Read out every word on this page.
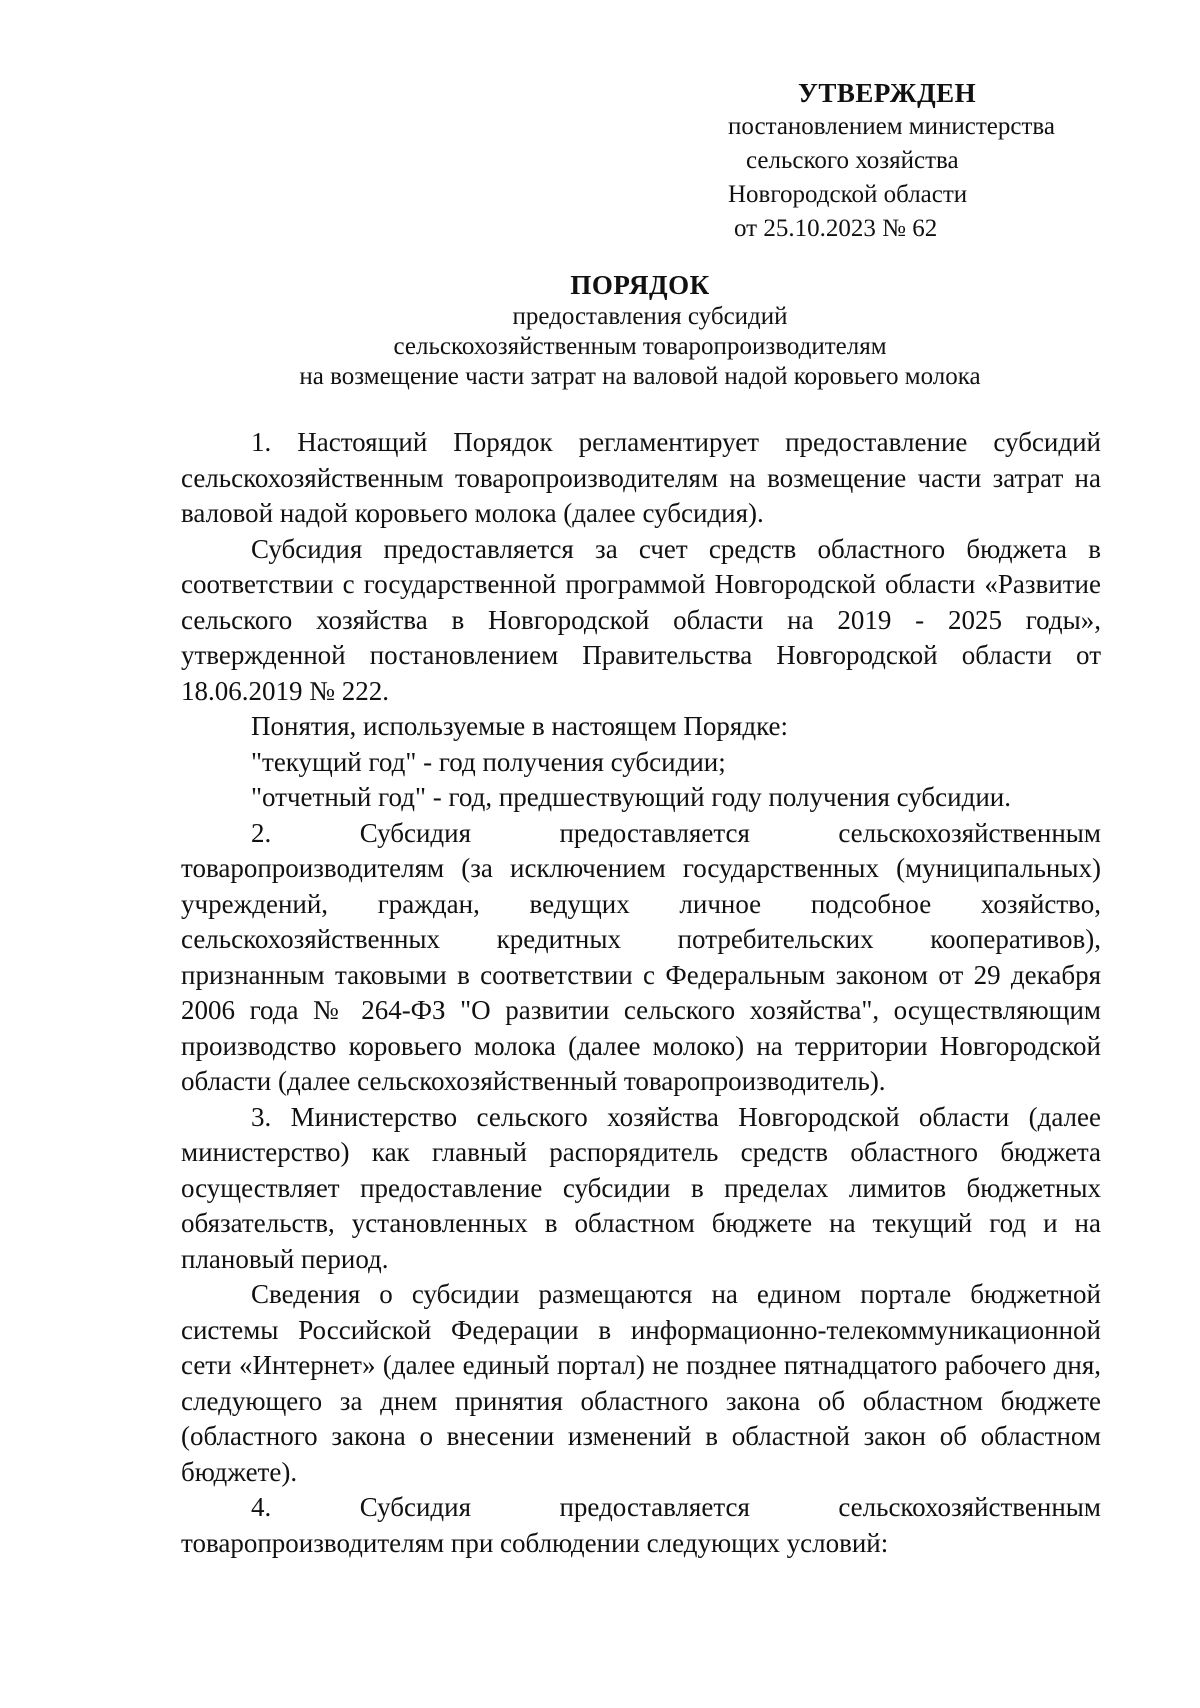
УТВЕРЖДЕН
постановлением министерства
сельского хозяйства
Новгородской области
от 25.10.2023 № 62
ПОРЯДОК
предоставления субсидий
сельскохозяйственным товаропроизводителям
на возмещение части затрат на валовой надой коровьего молока

1. Настоящий Порядок регламентирует предоставление субсидий сельскохозяйственным товаропроизводителям на возмещение части затрат на валовой надой коровьего молока (далее субсидия).

Субсидия предоставляется за счет средств областного бюджета в соответствии с государственной программой Новгородской области «Развитие сельского хозяйства в Новгородской области на 2019 - 2025 годы», утвержденной постановлением Правительства Новгородской области от 18.06.2019 № 222.

Понятия, используемые в настоящем Порядке:

"текущий год" - год получения субсидии;

"отчетный год" - год, предшествующий году получения субсидии.

2. Субсидия предоставляется сельскохозяйственным товаропроизводителям (за исключением государственных (муниципальных) учреждений, граждан, ведущих личное подсобное хозяйство, сельскохозяйственных кредитных потребительских кооперативов), признанным таковыми в соответствии с Федеральным законом от 29 декабря 2006 года № 264-ФЗ "О развитии сельского хозяйства", осуществляющим производство коровьего молока (далее молоко) на территории Новгородской области (далее сельскохозяйственный товаропроизводитель).

3. Министерство сельского хозяйства Новгородской области (далее министерство) как главный распорядитель средств областного бюджета осуществляет предоставление субсидии в пределах лимитов бюджетных обязательств, установленных в областном бюджете на текущий год и на плановый период.

Сведения о субсидии размещаются на едином портале бюджетной системы Российской Федерации в информационно-телекоммуникационной сети «Интернет» (далее единый портал) не позднее пятнадцатого рабочего дня, следующего за днем принятия областного закона об областном бюджете (областного закона о внесении изменений в областной закон об областном бюджете).

4. Субсидия предоставляется сельскохозяйственным товаропроизводителям при соблюдении следующих условий:
